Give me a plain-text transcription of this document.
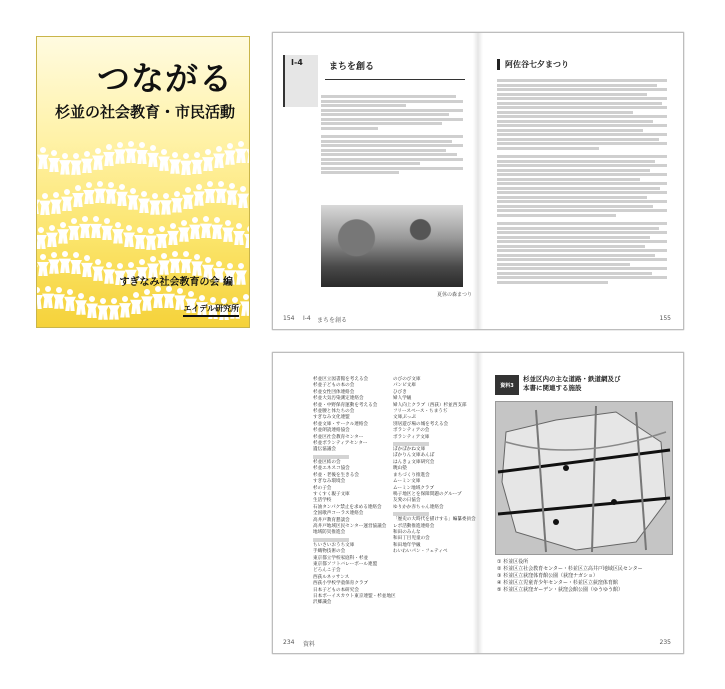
つながる
杉並の社会教育・市民活動
すぎなみ社会教育の会 編
エイデル研究所
I-4	まちを創る

夏休の森まつり
154 I-4 まちを創る
阿佐谷七夕まつり

155
杉並区立図書館を考える会
杉並子どもの本の会
杉並女性団体連絡会
杉並大気汚染測定連絡会
杉並・中野保育運動を考える会
杉並腰と体たちの会
すぎなみ文化連盟
杉並文庫・サークル連絡会
杉並朗読連絡協会
杉並区社会教育センター
杉並ボランティアセンター
遺伝協議会
杉並区結の会
杉並エネスコ協会
杉並・老後を生きる会
すぎなみ環境会
杉の子会
すくすく親子文庫
生活学校
石油タンパク禁止を求める連絡会
全国歌声コーラス連絡会
高井戸教育懇談会
高井戸地域区民センター運営協議会
地域防災推進会
ちいさいおうち文庫
手織物技術の会
東京都立学校家庭科・杉並
東京都ソフトバレーボール連盟
どろんこ子会
西荻ルネッサンス
西荻小学校学童保育クラブ
日本子どもの本研究会
日本ボーイスカウト東京連盟・杉並地区
沢郷識会
のびのび文庫
パンピ文庫
ひびき
婦人学級
婦人向上クラブ（西荻）杉並西支部
フリースペース・ちまうぢ
文庫ぶっぷ
別居遊び場の城を考える会
ボランティアの会
ボランティア文庫
ぽかぽかね文庫
ぽかりん文庫あんぽ
はんきょ文庫研究会
暁山塾
まちづくり推進会
ムーミン文庫
ムーミン地域クラブ
鳴子地区とを保障問題のグループ
友愛の日協会
ゆりかか赤ちゃん連絡会
「歴史の大時代を描けする」編纂委員会
レポ活動推進連絡会
和田のみんな
和田丁目児童の会
和田地年学級
わいわいパン・フェティベ
234 資料
資料3
杉並区内の主な道路・鉄道網及び
本書に関連する施設
① 杉並区役所
② 杉並区立社会教育センター・杉並区立高井戸地域区民センター
③ 杉並区立荻窪体育館公園（荻窪ナガショ）
④ 杉並区立児童青少年センター・杉並区立荻窪体育館
⑤ 杉並区立荻窪ガーデン・荻窪会館公園（ゆうゆう館）
235
